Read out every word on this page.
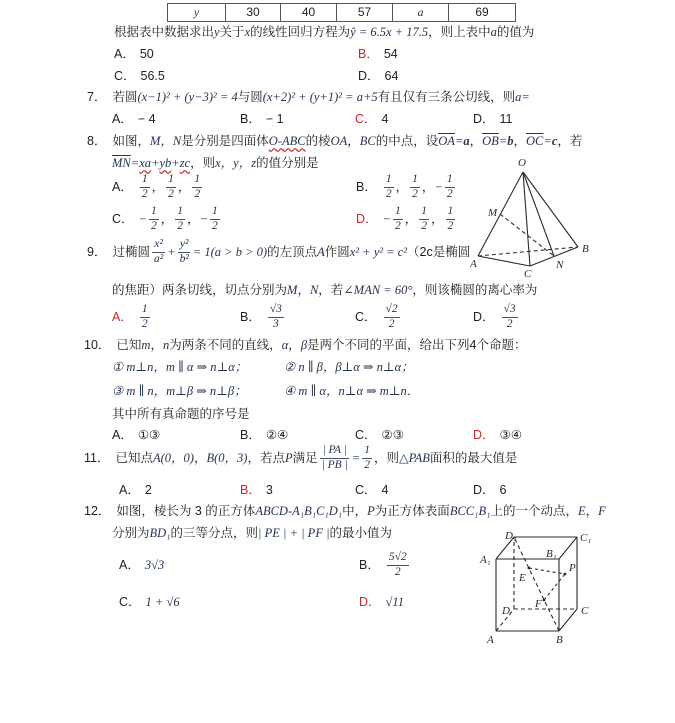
y	30	40	57	a	69
根据表中数据求出 y 关于 x 的线性回归方程为 ŷ = 6.5x + 17.5 ，则上表中 a 的值为
A． 50	B． 54
C． 56.5	D． 64
7． 若圆 (x−1)² + (y−3)² = 4 与圆 (x+2)² + (y+1)² = a+5 有且仅有三条公切线，则 a=
A． − 4	B． − 1	C． 4	D． 11
8． 如图， M，N 是分别是四面体 O-ABC 的棱 OA ， BC 的中点，设 $\overline{OA} = a$ ， $\overline{OB} = b$ ， $\overline{OC} = c$ ，若
$\overline{MN}$ = xa + yb + zc ，则 x，y，z 的值分别是
A． $\frac{1}{2}$ ， $\frac{1}{2}$ ， $\frac{1}{2}$	B． $\frac{1}{2}$ ， $\frac{1}{2}$ ， − $\frac{1}{2}$
C． − $\frac{1}{2}$ ， $\frac{1}{2}$ ， − $\frac{1}{2}$	D． − $\frac{1}{2}$ ， $\frac{1}{2}$ ， $\frac{1}{2}$
O
M
A
C
N
B
9． 过椭圆 $\frac{\text{x²}}{\text{a²}} + \frac{\text{y²}}{\text{b²}} = 1(a > b > 0)$ 的左顶点 A 作圆 x² + y² = c² （2c是椭圆
的焦距）两条切线，切点分别为 M ， N ，若 ∠MAN = 60° ，则该椭圆的离心率为
A． $\frac{1}{2}$	B． $\frac{√3}{3}$	C． $\frac{√2}{2}$	D． $\frac{√3}{2}$
10． 已知 m ， n 为两条不同的直线， α ， β 是两个不同的平面，给出下列4个命题：
① m⊥n，m ∥ α ⇒ n⊥α；	② n ∥ β，β⊥α ⇒ n⊥α；
③ m ∥ n，m⊥β ⇒ n⊥β；	④ m ∥ α，n⊥α ⇒ m⊥n．
其中所有真命题的序号是
A． ①③	B． ②④	C． ②③	D． ③④
11． 已知点 A(0，0) ， B(0，3) ，若点 P 满足 $\frac{| PA |}{| PB |} = \frac{1}{2}$ ，则 △PAB 面积的最大值是
A． 2	B． 3	C． 4	D． 6
12． 如图，棱长为 3 的正方体 ABCD-A₁B₁C₁D₁ 中， P 为正方体表面 BCC₁B₁ 上的一个动点， E ， F
分别为 BD₁ 的三等分点，则 | PE | + | PF | 的最小值为
A． 3√3	B． $\frac{5√2}{2}$
C． 1 + √6	D． √11
A	B
C
D
A₁	B₁
C₁
D₁
E
F
P
